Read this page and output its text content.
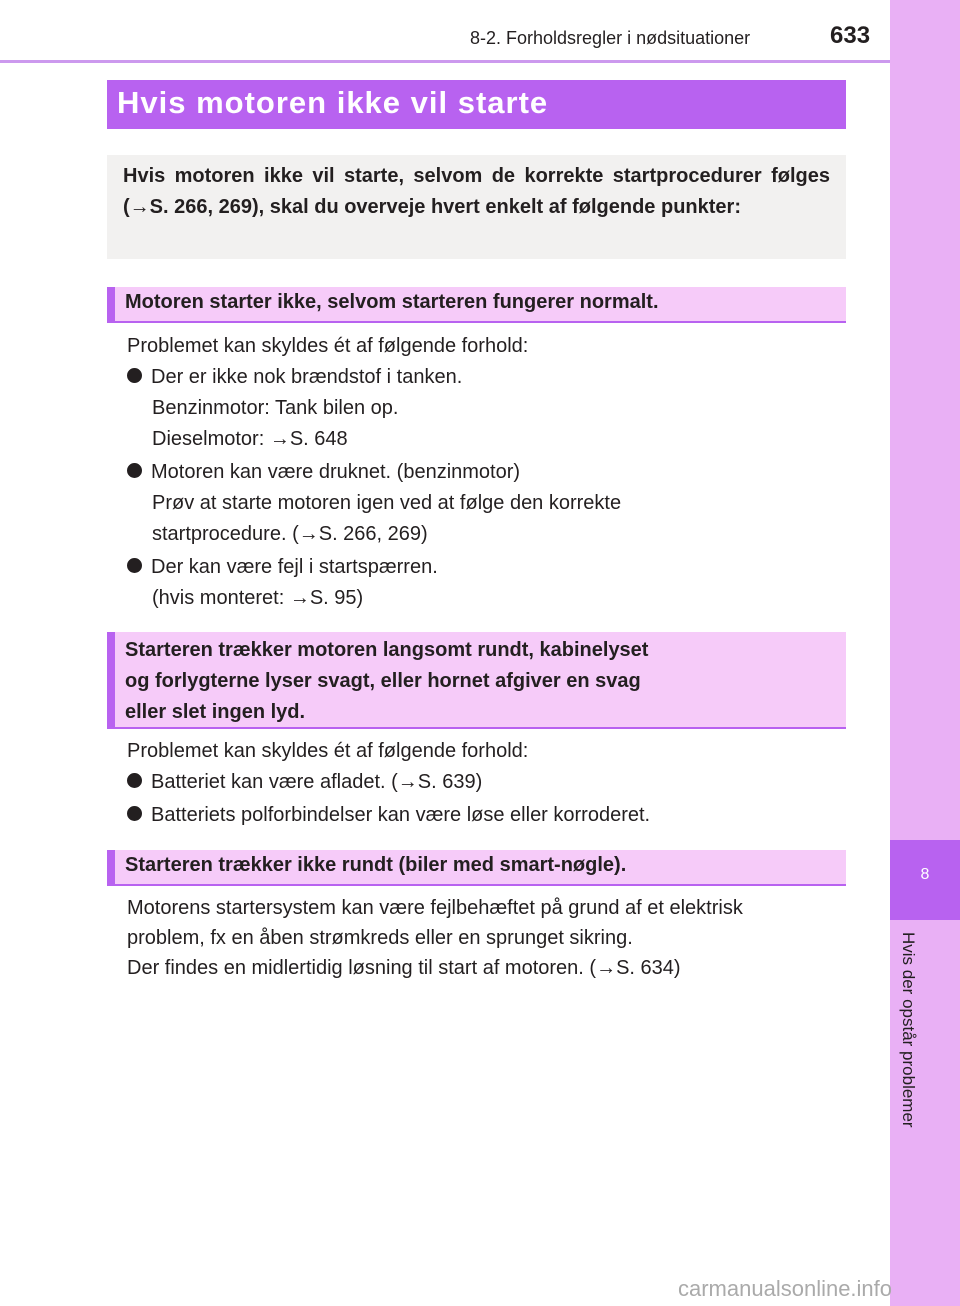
8-2. Forholdsregler i nødsituationer	633
8
Hvis der opstår problemer
Hvis motoren ikke vil starte
Hvis motoren ikke vil starte, selvom de korrekte startprocedurer følges (→S. 266, 269), skal du overveje hvert enkelt af følgende punkter:
Motoren starter ikke, selvom starteren fungerer normalt.
Problemet kan skyldes ét af følgende forhold:
Der er ikke nok brændstof i tanken.
Benzinmotor: Tank bilen op.
Dieselmotor: →S. 648
Motoren kan være druknet. (benzinmotor)
Prøv at starte motoren igen ved at følge den korrekte
startprocedure. (→S. 266, 269)
Der kan være fejl i startspærren.
(hvis monteret: →S. 95)
Starteren trækker motoren langsomt rundt, kabinelyset
og forlygterne lyser svagt, eller hornet afgiver en svag
eller slet ingen lyd.
Problemet kan skyldes ét af følgende forhold:
Batteriet kan være afladet. (→S. 639)
Batteriets polforbindelser kan være løse eller korroderet.
Starteren trækker ikke rundt (biler med smart-nøgle).
Motorens startersystem kan være fejlbehæftet på grund af et elektrisk
problem, fx en åben strømkreds eller en sprunget sikring.
Der findes en midlertidig løsning til start af motoren. (→S. 634)
carmanualsonline.info
